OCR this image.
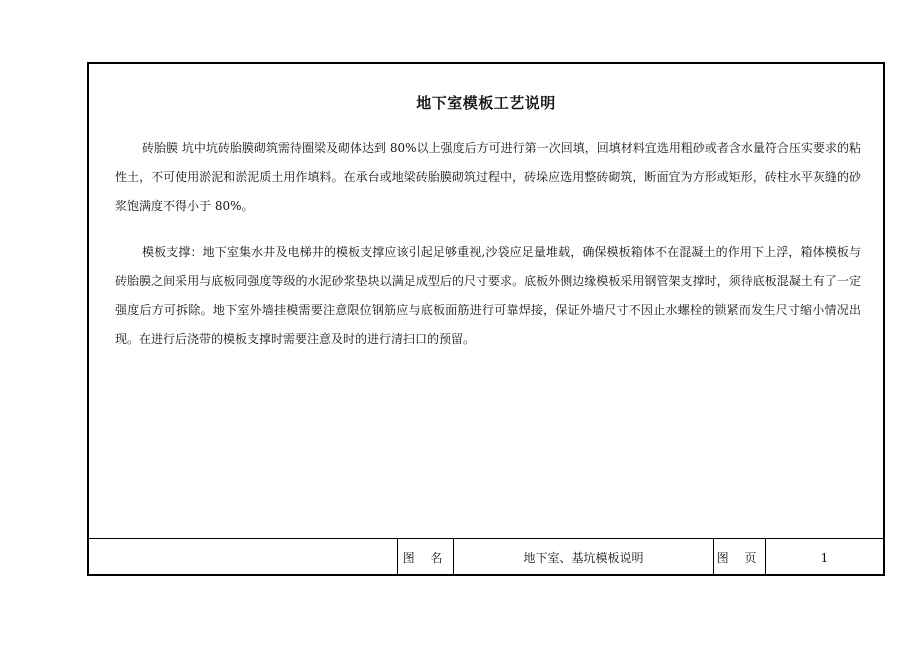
地下室模板工艺说明

砖胎膜 坑中坑砖胎膜砌筑需待圈梁及砌体达到 80%以上强度后方可进行第一次回填，回填材料宜选用粗砂或者含水量符合压实要求的粘性土，不可使用淤泥和淤泥质土用作填料。在承台或地梁砖胎膜砌筑过程中，砖垛应选用整砖砌筑，断面宜为方形或矩形，砖柱水平灰缝的砂浆饱满度不得小于 80%。

模板支撑：地下室集水井及电梯井的模板支撑应该引起足够重视,沙袋应足量堆载，确保模板箱体不在混凝土的作用下上浮，箱体模板与砖胎膜之间采用与底板同强度等级的水泥砂浆垫块以满足成型后的尺寸要求。底板外侧边缘模板采用钢管架支撑时，须待底板混凝土有了一定强度后方可拆除。地下室外墙挂模需要注意限位钢筋应与底板面筋进行可靠焊接，保证外墙尺寸不因止水螺栓的锁紧而发生尺寸缩小情况出现。在进行后浇带的模板支撑时需要注意及时的进行清扫口的预留。

图 名	地下室、基坑模板说明	图 页	1
